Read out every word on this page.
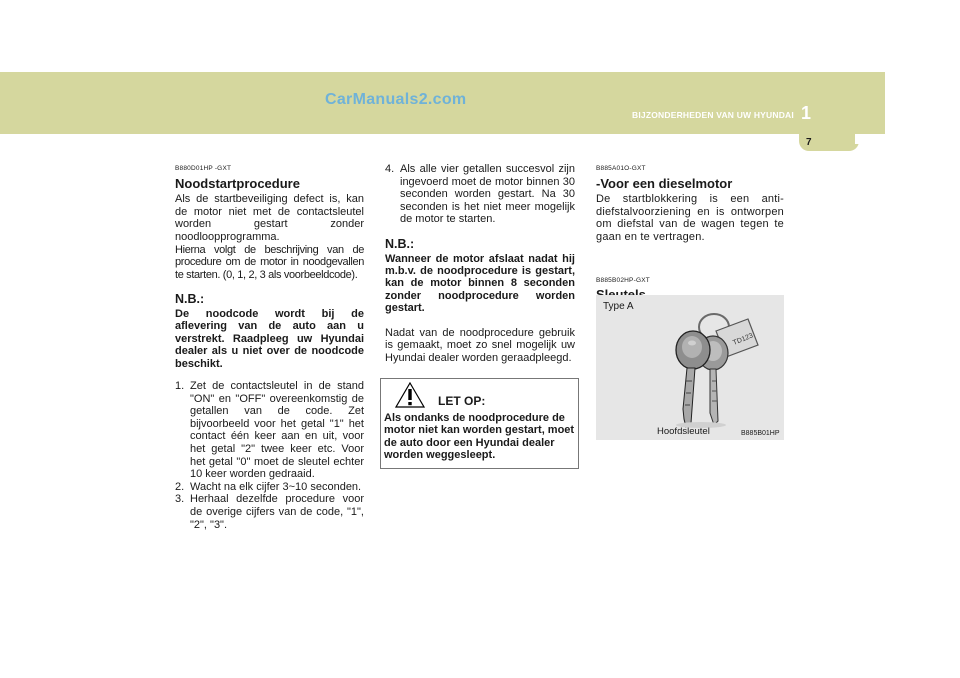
CarManuals2.com
BIJZONDERHEDEN VAN UW HYUNDAI 1
7
B880D01HP -GXT
Noodstartprocedure

Als de startbeveiliging defect is, kan de motor niet met de contactsleutel worden gestart zonder noodloopprogramma.

Hierna volgt de beschrijving van de procedure om de motor in noodgevallen te starten. (0, 1, 2, 3 als voorbeeldcode).

N.B.:

De noodcode wordt bij de aflevering van de auto aan u verstrekt. Raadpleeg uw Hyundai dealer als u niet over de noodcode beschikt.

1. Zet de contactsleutel in de stand "ON" en "OFF" overeenkomstig de getallen van de code. Zet bijvoorbeeld voor het getal "1" het contact één keer aan en uit, voor het getal "2" twee keer etc. Voor het getal "0" moet de sleutel echter 10 keer worden gedraaid.
2. Wacht na elk cijfer 3~10 seconden.
3. Herhaal dezelfde procedure voor de overige cijfers van de code, "1", "2", "3".
4. Als alle vier getallen succesvol zijn ingevoerd moet de motor binnen 30 seconden worden gestart. Na 30 seconden is het niet meer mogelijk de motor te starten.
N.B.:

Wanneer de motor afslaat nadat hij m.b.v. de noodprocedure is gestart, kan de motor binnen 8 seconden zonder noodprocedure worden gestart.

Nadat van de noodprocedure gebruik is gemaakt, moet zo snel mogelijk uw Hyundai dealer worden geraadpleegd.

LET OP:
Als ondanks de noodprocedure de motor niet kan worden gestart, moet de auto door een Hyundai dealer worden weggesleept.
B885A01O-GXT
-Voor een dieselmotor

De startblokkering is een anti-diefstalvoorziening en is ontworpen om diefstal van de wagen tegen te gaan en te vertragen.

B885B02HP-GXT
Type A
TD123
Hoofdsleutel	B885B01HP
